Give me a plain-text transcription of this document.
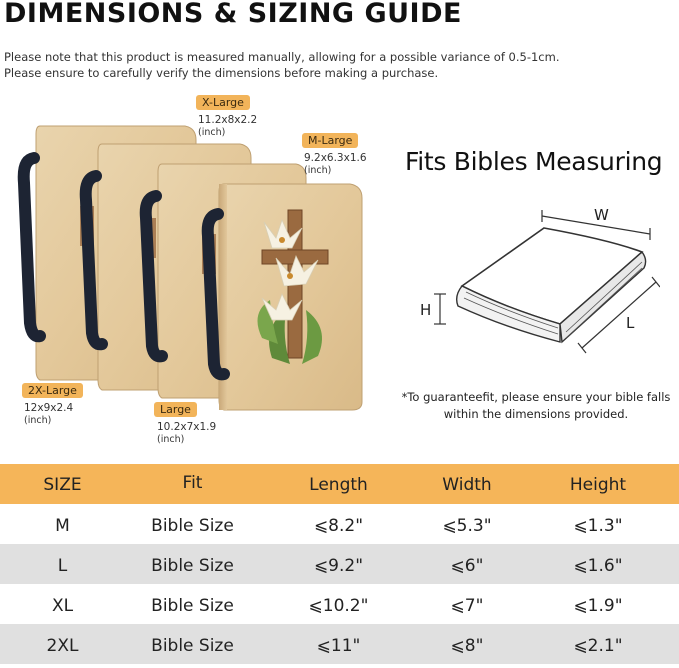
DIMENSIONS & SIZING GUIDE
Please note that this product is measured manually, allowing for a possible variance of 0.5-1cm.
Please ensure to carefully verify the dimensions before making a purchase.
X-Large
11.2x8x2.2
(inch)
M-Large
9.2x6.3x1.6
(inch)
2X-Large
12x9x2.4
(inch)
Large
10.2x7x1.9
(inch)
Fits Bibles Measuring
W
H
L
*To guaranteefit, please ensure your bible falls within the dimensions provided.
SIZE	Fit	Length	Width	Height
M	Bible Size	⩽8.2"	⩽5.3"	⩽1.3"
L	Bible Size	⩽9.2"	⩽6"	⩽1.6"
XL	Bible Size	⩽10.2"	⩽7"	⩽1.9"
2XL	Bible Size	⩽11"	⩽8"	⩽2.1"
